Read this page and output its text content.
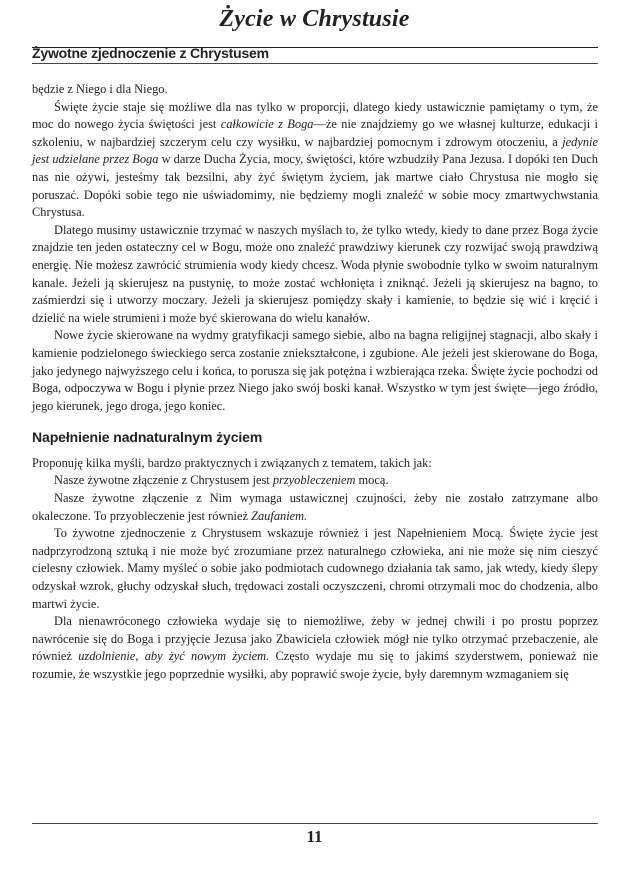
Życie w Chrystusie
Żywotne zjednoczenie z Chrystusem

będzie z Niego i dla Niego.

Święte życie staje się możliwe dla nas tylko w proporcji, dlatego kiedy ustawicznie pamiętamy o tym, że moc do nowego życia świętości jest całkowicie z Boga—że nie znajdziemy go we własnej kulturze, edukacji i szkoleniu, w najbardziej szczerym celu czy wysiłku, w najbardziej pomocnym i zdrowym otoczeniu, a jedynie jest udzielane przez Boga w darze Ducha Życia, mocy, świętości, które wzbudziły Pana Jezusa. I dopóki ten Duch nas nie ożywi, jesteśmy tak bezsilni, aby żyć świętym życiem, jak martwe ciało Chrystusa nie mogło się poruszać. Dopóki sobie tego nie uświadomimy, nie będziemy mogli znaleźć w sobie mocy zmartwychwstania Chrystusa.

Dlatego musimy ustawicznie trzymać w naszych myślach to, że tylko wtedy, kiedy to dane przez Boga życie znajdzie ten jeden ostateczny cel w Bogu, może ono znaleźć prawdziwy kierunek czy rozwijać swoją prawdziwą energię. Nie możesz zawrócić strumienia wody kiedy chcesz. Woda płynie swobodnie tylko w swoim naturalnym kanale. Jeżeli ją skierujesz na pustynię, to może zostać wchłonięta i zniknąć. Jeżeli ją skierujesz na bagno, to zaśmierdzi się i utworzy moczary. Jeżeli ja skierujesz pomiędzy skały i kamienie, to będzie się wić i kręcić i dzielić na wiele strumieni i może być skierowana do wielu kanałów.

Nowe życie skierowane na wydmy gratyfikacji samego siebie, albo na bagna religijnej stagnacji, albo skały i kamienie podzielonego świeckiego serca zostanie zniekształcone, i zgubione. Ale jeżeli jest skierowane do Boga, jako jedynego najwyższego celu i końca, to porusza się jak potężna i wzbierająca rzeka. Święte życie pochodzi od Boga, odpoczywa w Bogu i płynie przez Niego jako swój boski kanał. Wszystko w tym jest święte—jego źródło, jego kierunek, jego droga, jego koniec.

Napełnienie nadnaturalnym życiem

Proponuję kilka myśli, bardzo praktycznych i związanych z tematem, takich jak:

Nasze żywotne złączenie z Chrystusem jest przyobleczeniem mocą.

Nasze żywotne złączenie z Nim wymaga ustawicznej czujności, żeby nie zostało zatrzymane albo okaleczone. To przyobleczenie jest również Zaufaniem.

To żywotne zjednoczenie z Chrystusem wskazuje również i jest Napełnieniem Mocą. Święte życie jest nadprzyrodzoną sztuką i nie może być zrozumiane przez naturalnego człowieka, ani nie może się nim cieszyć cielesny człowiek. Mamy myśleć o sobie jako podmiotach cudownego działania tak samo, jak wtedy, kiedy ślepy odzyskał wzrok, głuchy odzyskał słuch, trędowaci zostali oczyszczeni, chromi otrzymali moc do chodzenia, albo martwi życie.

Dla nienawróconego człowieka wydaje się to niemożliwe, żeby w jednej chwili i po prostu poprzez nawrócenie się do Boga i przyjęcie Jezusa jako Zbawiciela człowiek mógł nie tylko otrzymać przebaczenie, ale również uzdolnienie, aby żyć nowym życiem. Często wydaje mu się to jakimś szyderstwem, ponieważ nie rozumie, że wszystkie jego poprzednie wysiłki, aby poprawić swoje życie, były daremnym wzmaganiem się

11
